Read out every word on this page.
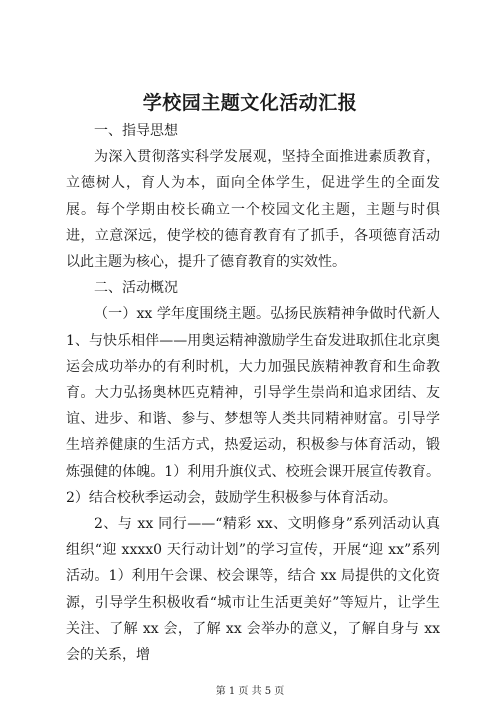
学校园主题文化活动汇报

一、指导思想

为深入贯彻落实科学发展观，坚持全面推进素质教育，立德树人，育人为本，面向全体学生，促进学生的全面发展。每个学期由校长确立一个校园文化主题，主题与时俱进，立意深远，使学校的德育教育有了抓手，各项德育活动以此主题为核心，提升了德育教育的实效性。

二、活动概况

（一）xx 学年度围绕主题。弘扬民族精神争做时代新人 1、与快乐相伴——用奥运精神激励学生奋发进取抓住北京奥运会成功举办的有利时机，大力加强民族精神教育和生命教育。大力弘扬奥林匹克精神，引导学生崇尚和追求团结、友谊、进步、和谐、参与、梦想等人类共同精神财富。引导学生培养健康的生活方式，热爱运动，积极参与体育活动，锻炼强健的体魄。1）利用升旗仪式、校班会课开展宣传教育。2）结合校秋季运动会，鼓励学生积极参与体育活动。

2、与 xx 同行——“精彩 xx、文明修身”系列活动认真组织“迎 xxxx0 天行动计划”的学习宣传，开展“迎 xx”系列活动。1）利用午会课、校会课等，结合 xx 局提供的文化资源，引导学生积极收看“城市让生活更美好”等短片，让学生关注、了解 xx 会，了解 xx 会举办的意义，了解自身与 xx 会的关系，增

第 1 页 共 5 页
